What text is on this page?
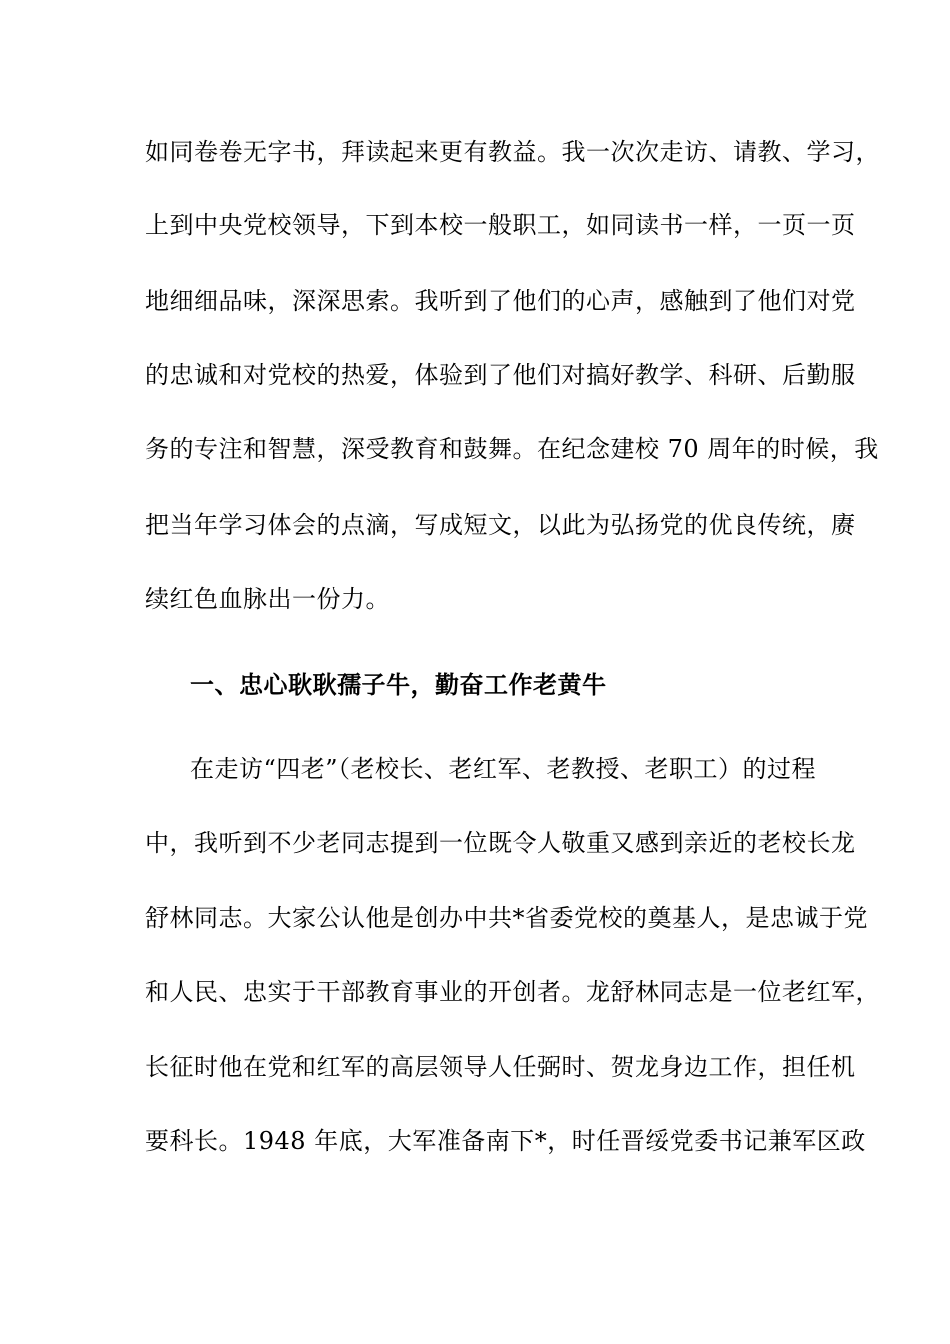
如同卷卷无字书，拜读起来更有教益。我一次次走访、请教、学习，
上到中央党校领导，下到本校一般职工，如同读书一样，一页一页
地细细品味，深深思索。我听到了他们的心声，感触到了他们对党
的忠诚和对党校的热爱，体验到了他们对搞好教学、科研、后勤服
务的专注和智慧，深受教育和鼓舞。在纪念建校 70 周年的时候，我
把当年学习体会的点滴，写成短文，以此为弘扬党的优良传统，赓
续红色血脉出一份力。
一、忠心耿耿孺子牛，勤奋工作老黄牛
在走访“四老”（老校长、老红军、老教授、老职工）的过程
中，我听到不少老同志提到一位既令人敬重又感到亲近的老校长龙
舒林同志。大家公认他是创办中共*省委党校的奠基人，是忠诚于党
和人民、忠实于干部教育事业的开创者。龙舒林同志是一位老红军，
长征时他在党和红军的高层领导人任弼时、贺龙身边工作，担任机
要科长。1948 年底，大军准备南下*，时任晋绥党委书记兼军区政
